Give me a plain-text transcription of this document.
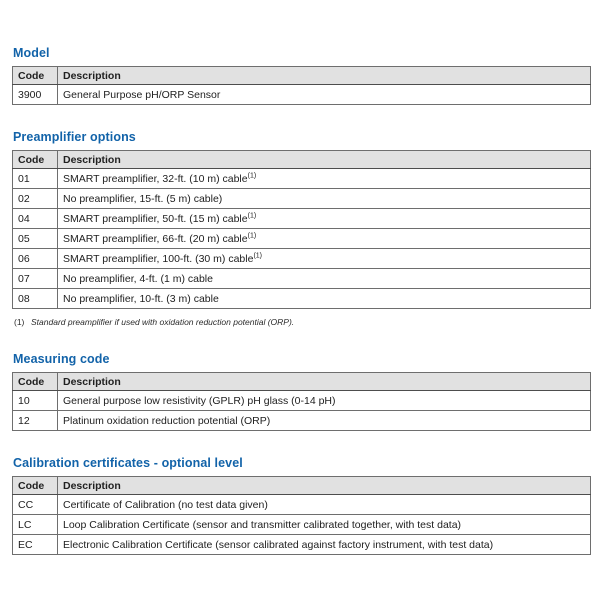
Model
Code	Description
3900	General Purpose pH/ORP Sensor
Preamplifier options
Code	Description
01	SMART preamplifier, 32-ft. (10 m) cable$^{(1)}$
02	No preamplifier, 15-ft. (5 m) cable)
04	SMART preamplifier, 50-ft. (15 m) cable$^{(1)}$
05	SMART preamplifier, 66-ft. (20 m) cable$^{(1)}$
06	SMART preamplifier, 100-ft. (30 m) cable$^{(1)}$
07	No preamplifier, 4-ft. (1 m) cable
08	No preamplifier, 10-ft. (3 m) cable

(1) Standard preamplifier if used with oxidation reduction potential (ORP).

Measuring code
Code	Description
10	General purpose low resistivity (GPLR) pH glass (0-14 pH)
12	Platinum oxidation reduction potential (ORP)
Calibration certificates - optional level
Code	Description
CC	Certificate of Calibration (no test data given)
LC	Loop Calibration Certificate (sensor and transmitter calibrated together, with test data)
EC	Electronic Calibration Certificate (sensor calibrated against factory instrument, with test data)
